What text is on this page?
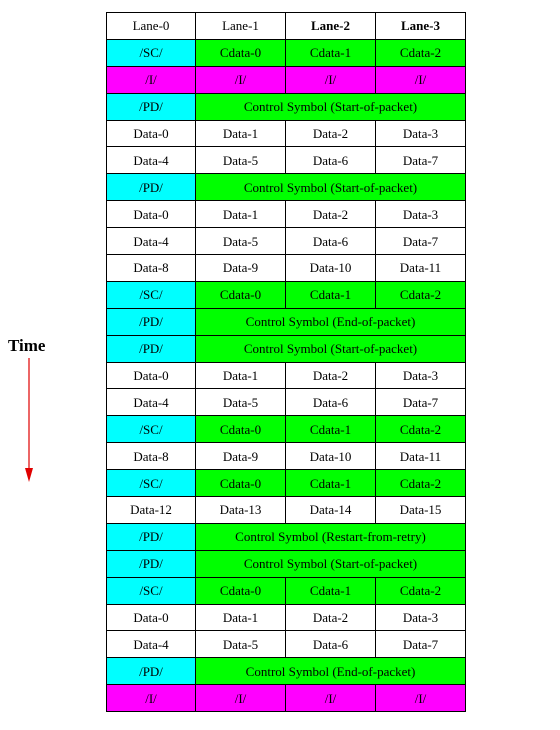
Time
Lane-0	Lane-1	Lane-2	Lane-3
/SC/	Cdata-0	Cdata-1	Cdata-2
/I/	/I/	/I/	/I/
/PD/	Control Symbol (Start-of-packet)		
Data-0	Data-1	Data-2	Data-3
Data-4	Data-5	Data-6	Data-7
/PD/	Control Symbol (Start-of-packet)		
Data-0	Data-1	Data-2	Data-3
Data-4	Data-5	Data-6	Data-7
Data-8	Data-9	Data-10	Data-11
/SC/	Cdata-0	Cdata-1	Cdata-2
/PD/	Control Symbol (End-of-packet)		
/PD/	Control Symbol (Start-of-packet)		
Data-0	Data-1	Data-2	Data-3
Data-4	Data-5	Data-6	Data-7
/SC/	Cdata-0	Cdata-1	Cdata-2
Data-8	Data-9	Data-10	Data-11
/SC/	Cdata-0	Cdata-1	Cdata-2
Data-12	Data-13	Data-14	Data-15
/PD/	Control Symbol (Restart-from-retry)		
/PD/	Control Symbol (Start-of-packet)		
/SC/	Cdata-0	Cdata-1	Cdata-2
Data-0	Data-1	Data-2	Data-3
Data-4	Data-5	Data-6	Data-7
/PD/	Control Symbol (End-of-packet)		
/I/	/I/	/I/	/I/
